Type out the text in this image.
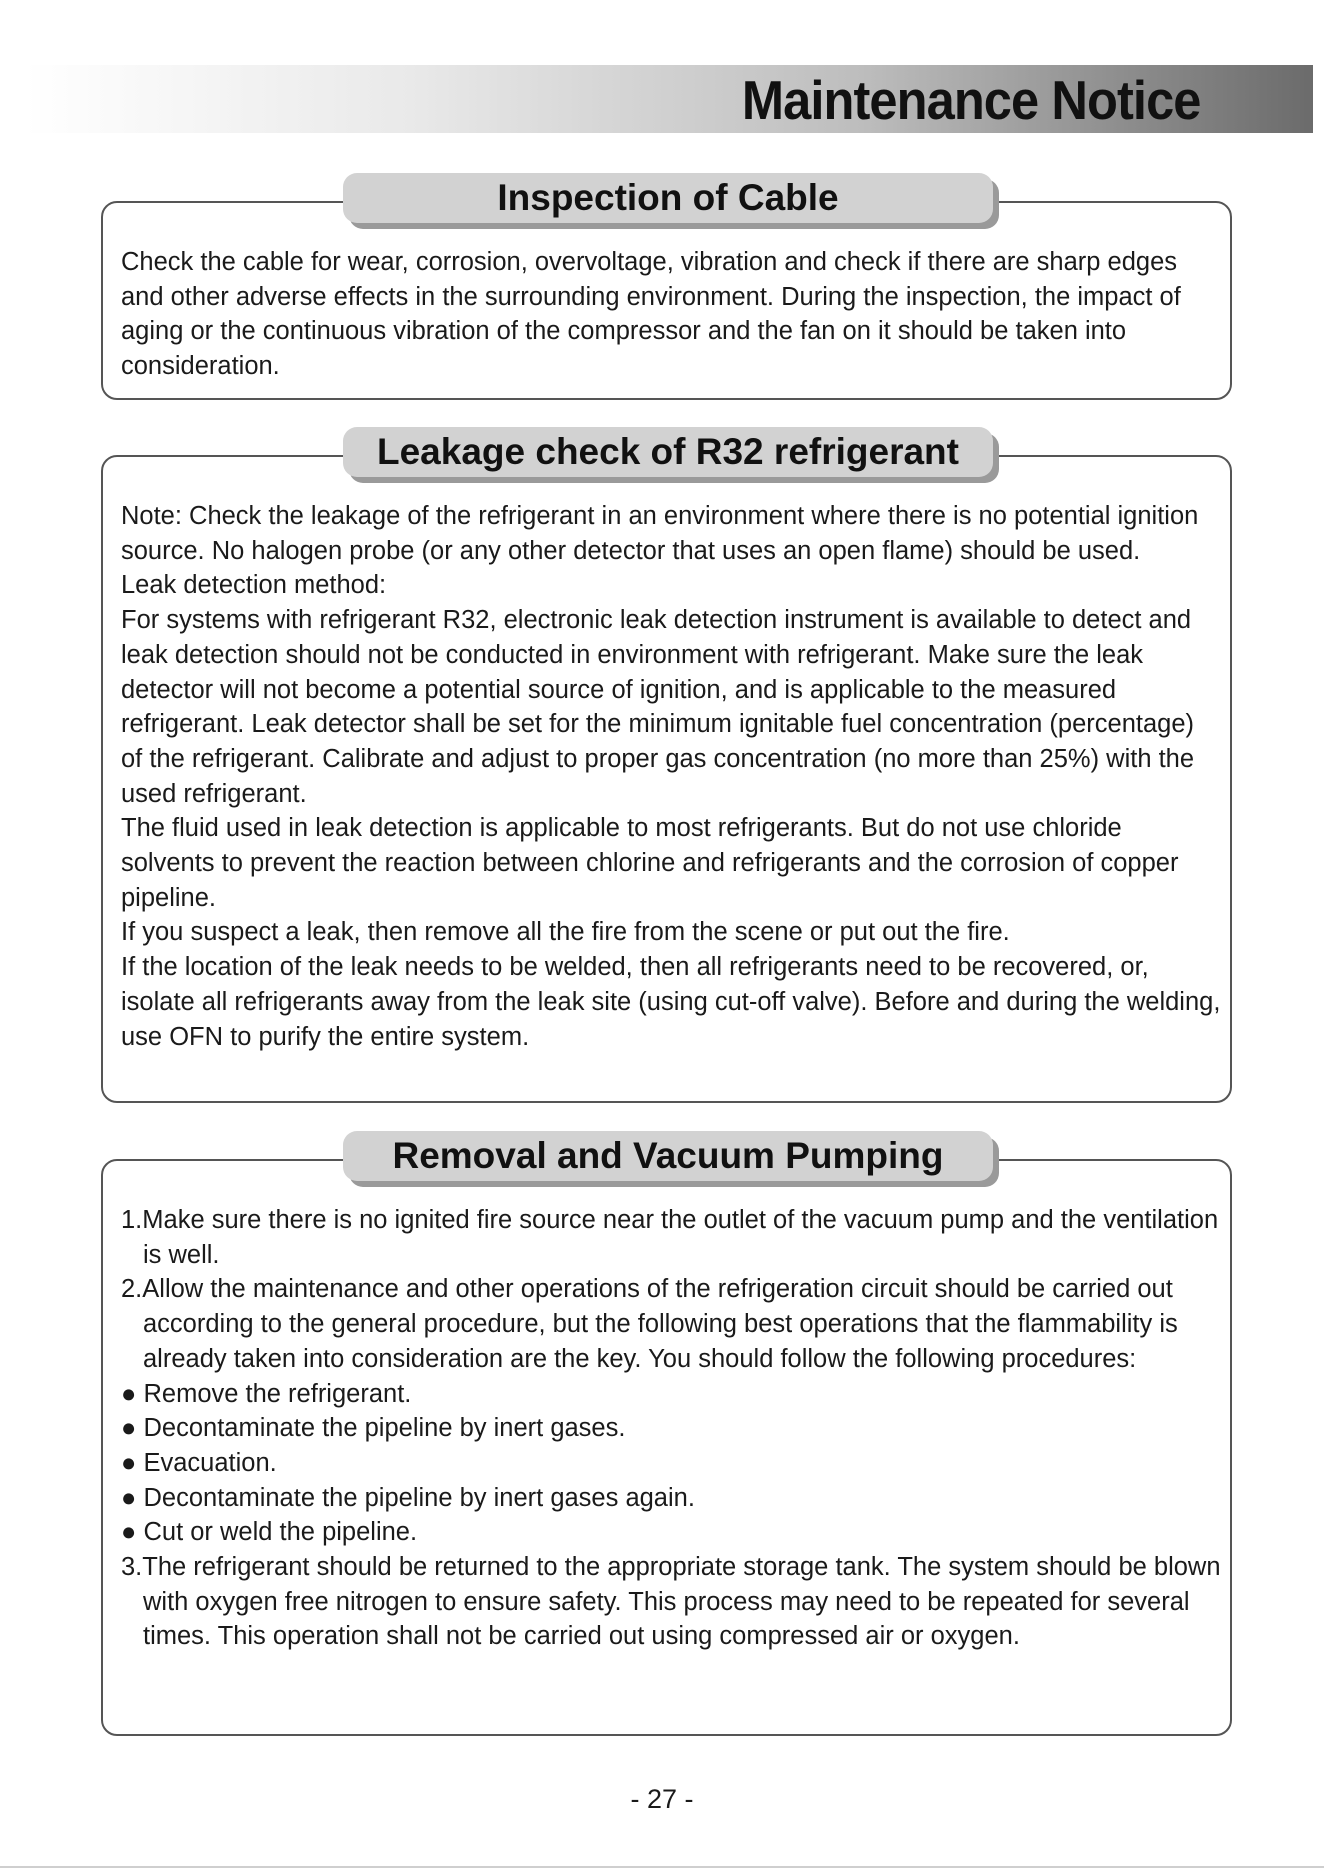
Maintenance Notice
Inspection of Cable

Check the cable for wear, corrosion, overvoltage, vibration and check if there are sharp edges and other adverse effects in the surrounding environment. During the inspection, the impact of aging or the continuous vibration of the compressor and the fan on it should be taken into consideration.

Leakage check of R32 refrigerant

Note: Check the leakage of the refrigerant in an environment where there is no potential ignition source. No halogen probe (or any other detector that uses an open flame) should be used.

Leak detection method:

For systems with refrigerant R32, electronic leak detection instrument is available to detect and leak detection should not be conducted in environment with refrigerant. Make sure the leak detector will not become a potential source of ignition, and is applicable to the measured refrigerant. Leak detector shall be set for the minimum ignitable fuel concentration (percentage) of the refrigerant. Calibrate and adjust to proper gas concentration (no more than 25%) with the used refrigerant.

The fluid used in leak detection is applicable to most refrigerants. But do not use chloride solvents to prevent the reaction between chlorine and refrigerants and the corrosion of copper pipeline.

If you suspect a leak, then remove all the fire from the scene or put out the fire.

If the location of the leak needs to be welded, then all refrigerants need to be recovered, or, isolate all refrigerants away from the leak site (using cut-off valve). Before and during the welding, use OFN to purify the entire system.

Removal and Vacuum Pumping

1.Make sure there is no ignited fire source near the outlet of the vacuum pump and the ventilation is well.

2.Allow the maintenance and other operations of the refrigeration circuit should be carried out according to the general procedure, but the following best operations that the flammability is already taken into consideration are the key. You should follow the following procedures:

● Remove the refrigerant.

● Decontaminate the pipeline by inert gases.

● Evacuation.

● Decontaminate the pipeline by inert gases again.

● Cut or weld the pipeline.

3.The refrigerant should be returned to the appropriate storage tank. The system should be blown with oxygen free nitrogen to ensure safety. This process may need to be repeated for several times. This operation shall not be carried out using compressed air or oxygen.

- 27 -
